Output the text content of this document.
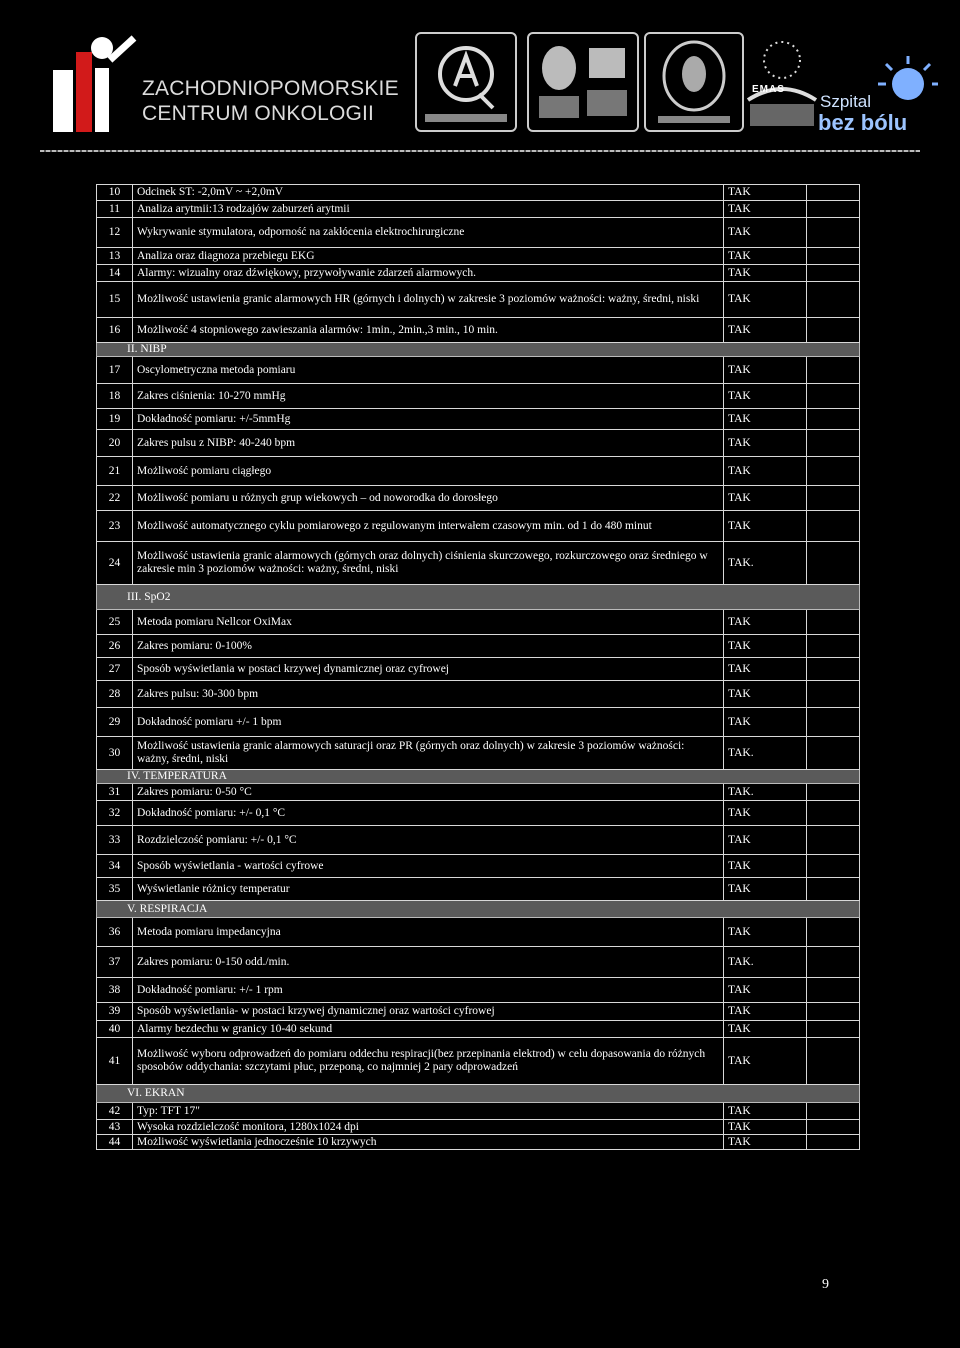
ZACHODNIOPOMORSKIE
CENTRUM ONKOLOGII
EMAS
Szpital
bez bólu
10	Odcinek ST: -2,0mV ~ +2,0mV	TAK	
11	Analiza arytmii:13 rodzajów zaburzeń arytmii	TAK	
12	Wykrywanie stymulatora, odporność na zakłócenia elektrochirurgiczne	TAK	
13	Analiza oraz diagnoza przebiegu EKG	TAK	
14	Alarmy: wizualny oraz dźwiękowy, przywoływanie zdarzeń alarmowych.	TAK	
15	Możliwość ustawienia granic alarmowych HR (górnych i dolnych) w zakresie 3 poziomów ważności: ważny, średni, niski	TAK	
16	Możliwość 4 stopniowego zawieszania alarmów: 1min., 2min.,3 min., 10 min.	TAK	
II. NIBP			
17	Oscylometryczna metoda pomiaru	TAK	
18	Zakres ciśnienia: 10-270 mmHg	TAK	
19	Dokładność pomiaru: +/-5mmHg	TAK	
20	Zakres pulsu z NIBP: 40-240 bpm	TAK	
21	Możliwość pomiaru ciągłego	TAK	
22	Możliwość pomiaru u różnych grup wiekowych – od noworodka do dorosłego	TAK	
23	Możliwość automatycznego cyklu pomiarowego z regulowanym interwałem czasowym min. od 1 do 480 minut	TAK	
24	Możliwość ustawienia granic alarmowych (górnych oraz dolnych) ciśnienia skurczowego, rozkurczowego oraz średniego w zakresie min 3 poziomów ważności: ważny, średni, niski	TAK.	
III. SpO2			
25	Metoda pomiaru Nellcor OxiMax	TAK	
26	Zakres pomiaru: 0-100%	TAK	
27	Sposób wyświetlania w postaci krzywej dynamicznej oraz cyfrowej	TAK	
28	Zakres pulsu: 30-300 bpm	TAK	
29	Dokładność pomiaru +/- 1 bpm	TAK	
30	Możliwość ustawienia granic alarmowych saturacji oraz PR (górnych oraz dolnych) w zakresie 3 poziomów ważności: ważny, średni, niski	TAK.	
IV. TEMPERATURA			
31	Zakres pomiaru: 0-50 °C	TAK.	
32	Dokładność pomiaru: +/- 0,1 °C	TAK	
33	Rozdzielczość pomiaru: +/- 0,1 °C	TAK	
34	Sposób wyświetlania - wartości cyfrowe	TAK	
35	Wyświetlanie różnicy temperatur	TAK	
V. RESPIRACJA			
36	Metoda pomiaru impedancyjna	TAK	
37	Zakres pomiaru: 0-150 odd./min.	TAK.	
38	Dokładność pomiaru: +/- 1 rpm	TAK	
39	Sposób wyświetlania- w postaci krzywej dynamicznej oraz wartości cyfrowej	TAK	
40	Alarmy bezdechu w granicy 10-40 sekund	TAK	
41	Możliwość wyboru odprowadzeń do pomiaru oddechu respiracji(bez przepinania elektrod) w celu dopasowania do różnych sposobów oddychania: szczytami płuc, przeponą, co najmniej 2 pary odprowadzeń	TAK	
VI. EKRAN			
42	Typ: TFT 17"	TAK	
43	Wysoka rozdzielczość monitora, 1280x1024 dpi	TAK	
44	Możliwość wyświetlania jednocześnie 10 krzywych	TAK	
9
